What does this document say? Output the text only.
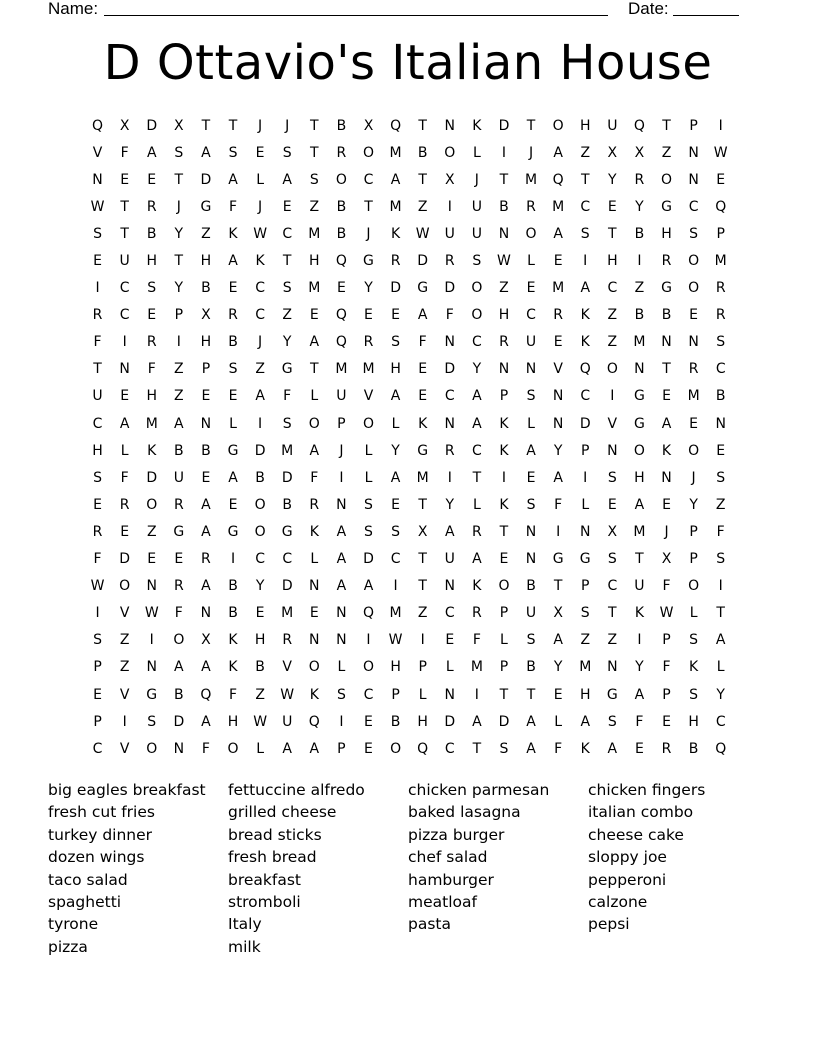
Name:	Date:
D Ottavio's Italian House
Q	X	D	X	T	T	J	J	T	B	X	Q	T	N	K	D	T	O	H	U	Q	T	P	I
V	F	A	S	A	S	E	S	T	R	O	M	B	O	L	I	J	A	Z	X	X	Z	N	W
N	E	E	T	D	A	L	A	S	O	C	A	T	X	J	T	M	Q	T	Y	R	O	N	E
W	T	R	J	G	F	J	E	Z	B	T	M	Z	I	U	B	R	M	C	E	Y	G	C	Q
S	T	B	Y	Z	K	W	C	M	B	J	K	W	U	U	N	O	A	S	T	B	H	S	P
E	U	H	T	H	A	K	T	H	Q	G	R	D	R	S	W	L	E	I	H	I	R	O	M
I	C	S	Y	B	E	C	S	M	E	Y	D	G	D	O	Z	E	M	A	C	Z	G	O	R
R	C	E	P	X	R	C	Z	E	Q	E	E	A	F	O	H	C	R	K	Z	B	B	E	R
F	I	R	I	H	B	J	Y	A	Q	R	S	F	N	C	R	U	E	K	Z	M	N	N	S
T	N	F	Z	P	S	Z	G	T	M	M	H	E	D	Y	N	N	V	Q	O	N	T	R	C
U	E	H	Z	E	E	A	F	L	U	V	A	E	C	A	P	S	N	C	I	G	E	M	B
C	A	M	A	N	L	I	S	O	P	O	L	K	N	A	K	L	N	D	V	G	A	E	N
H	L	K	B	B	G	D	M	A	J	L	Y	G	R	C	K	A	Y	P	N	O	K	O	E
S	F	D	U	E	A	B	D	F	I	L	A	M	I	T	I	E	A	I	S	H	N	J	S
E	R	O	R	A	E	O	B	R	N	S	E	T	Y	L	K	S	F	L	E	A	E	Y	Z
R	E	Z	G	A	G	O	G	K	A	S	S	X	A	R	T	N	I	N	X	M	J	P	F
F	D	E	E	R	I	C	C	L	A	D	C	T	U	A	E	N	G	G	S	T	X	P	S
W	O	N	R	A	B	Y	D	N	A	A	I	T	N	K	O	B	T	P	C	U	F	O	I
I	V	W	F	N	B	E	M	E	N	Q	M	Z	C	R	P	U	X	S	T	K	W	L	T
S	Z	I	O	X	K	H	R	N	N	I	W	I	E	F	L	S	A	Z	Z	I	P	S	A
P	Z	N	A	A	K	B	V	O	L	O	H	P	L	M	P	B	Y	M	N	Y	F	K	L
E	V	G	B	Q	F	Z	W	K	S	C	P	L	N	I	T	T	E	H	G	A	P	S	Y
P	I	S	D	A	H	W	U	Q	I	E	B	H	D	A	D	A	L	A	S	F	E	H	C
C	V	O	N	F	O	L	A	A	P	E	O	Q	C	T	S	A	F	K	A	E	R	B	Q
big eagles breakfast
fresh cut fries
turkey dinner
dozen wings
taco salad
spaghetti
tyrone
pizza
fettuccine alfredo
grilled cheese
bread sticks
fresh bread
breakfast
stromboli
Italy
milk
chicken parmesan
baked lasagna
pizza burger
chef salad
hamburger
meatloaf
pasta
chicken fingers
italian combo
cheese cake
sloppy joe
pepperoni
calzone
pepsi
